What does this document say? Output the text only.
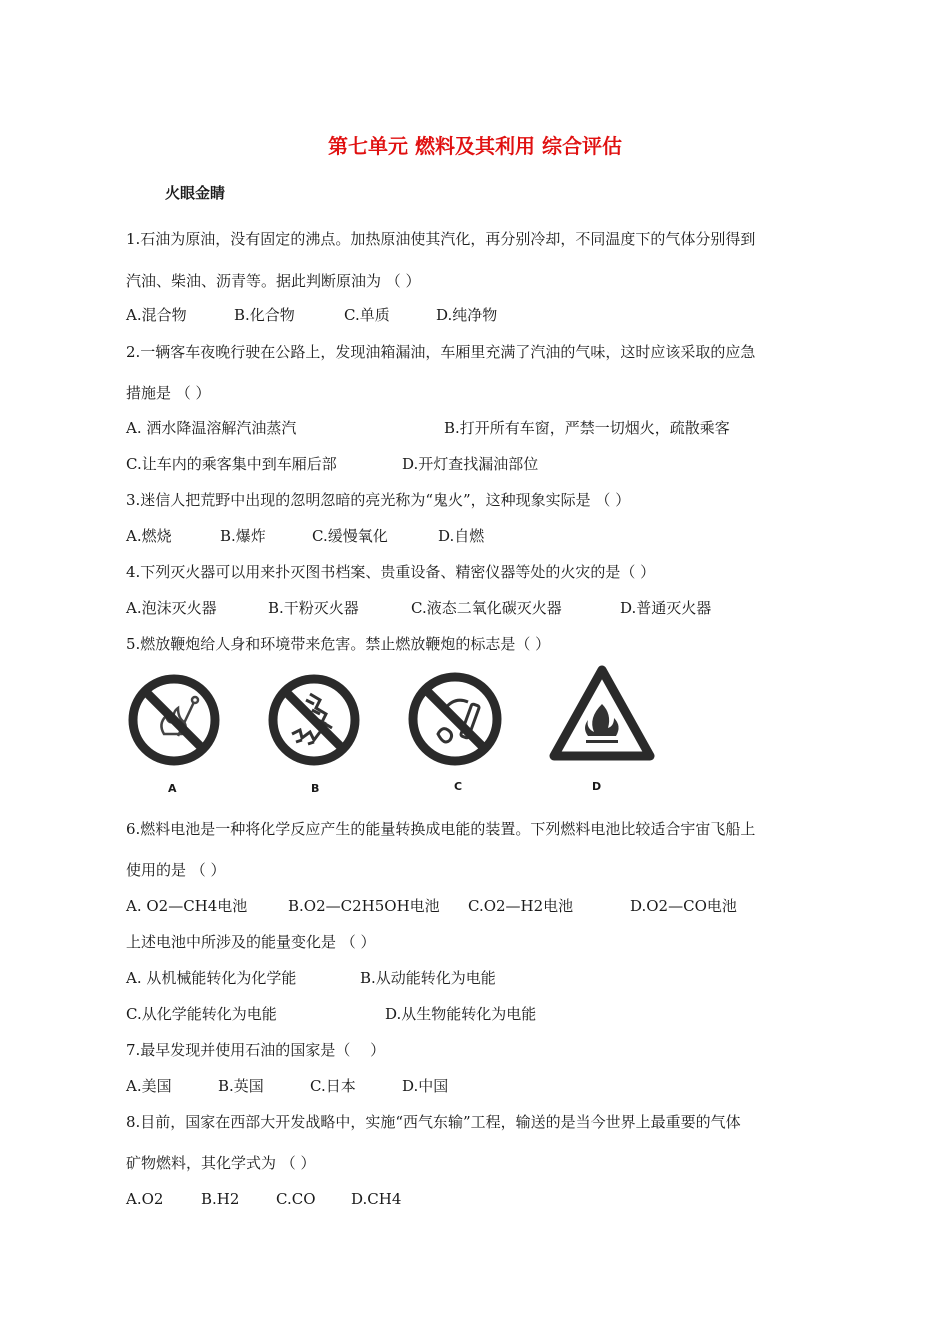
第七单元 燃料及其利用 综合评估
火眼金睛
1.石油为原油，没有固定的沸点。加热原油使其汽化，再分别冷却，不同温度下的气体分别得到
汽油、柴油、沥青等。据此判断原油为 （ ）
A.混合物	B.化合物	C.单质	D.纯净物
2.一辆客车夜晚行驶在公路上，发现油箱漏油，车厢里充满了汽油的气味，这时应该采取的应急
措施是 （ ）
A. 洒水降温溶解汽油蒸汽	B.打开所有车窗，严禁一切烟火，疏散乘客
C.让车内的乘客集中到车厢后部	D.开灯查找漏油部位
3.迷信人把荒野中出现的忽明忽暗的亮光称为“鬼火”，这种现象实际是 （ ）
A.燃烧	B.爆炸	C.缓慢氧化	D.自燃
4.下列灭火器可以用来扑灭图书档案、贵重设备、精密仪器等处的火灾的是（ ）
A.泡沫灭火器	B.干粉灭火器	C.液态二氧化碳灭火器	D.普通灭火器
5.燃放鞭炮给人身和环境带来危害。禁止燃放鞭炮的标志是（ ）
A	B	C	D
6.燃料电池是一种将化学反应产生的能量转换成电能的装置。下列燃料电池比较适合宇宙飞船上
使用的是 （ ）
A. O2—CH4电池	B.O2—C2H5OH电池 C.O2—H2电池	D.O2—CO电池
上述电池中所涉及的能量变化是 （ ）
A. 从机械能转化为化学能	B.从动能转化为电能
C.从化学能转化为电能	D.从生物能转化为电能
7.最早发现并使用石油的国家是（　 ）
A.美国	B.英国	C.日本	D.中国
8.目前，国家在西部大开发战略中，实施“西气东输”工程，输送的是当今世界上最重要的气体
矿物燃料，其化学式为 （ ）
A.O2	B.H2 C.CO D.CH4
